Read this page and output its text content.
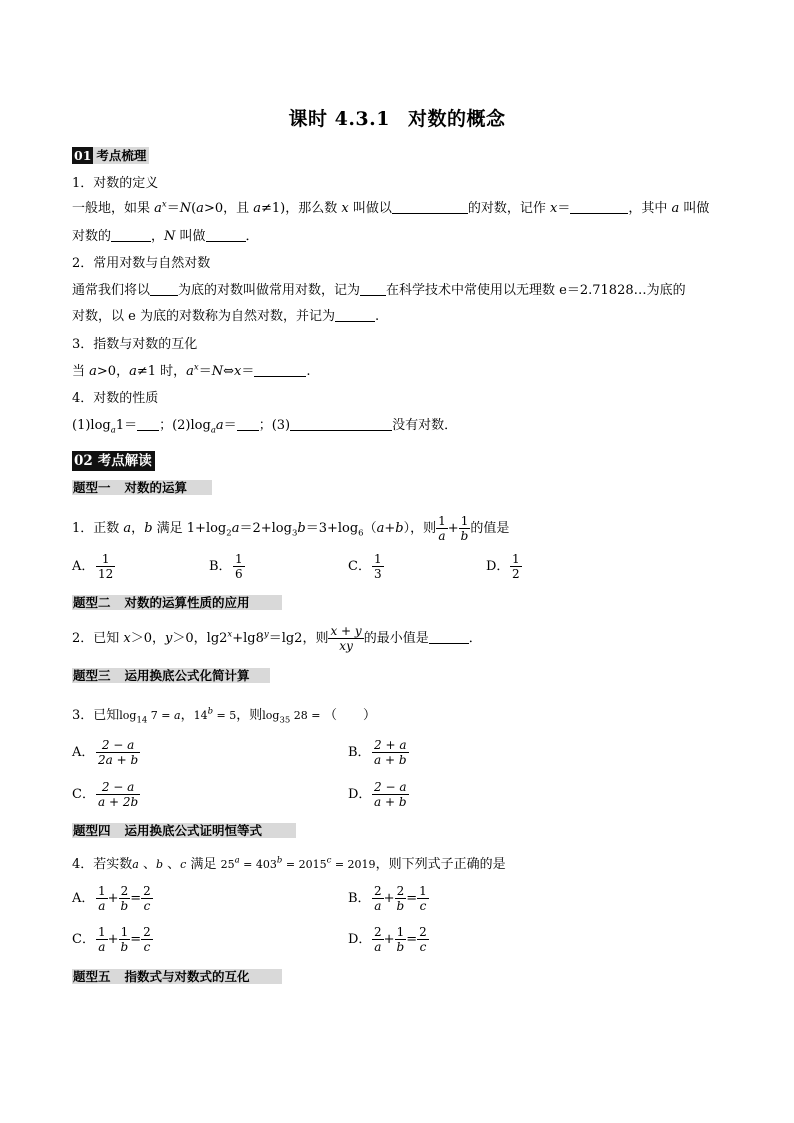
课时 4.3.1 对数的概念
01 考点梳理
1．对数的定义
一般地，如果 $a^x=N(a>0$，且 a≠1)，那么数 x 叫做以	的对数，记作 x＝	，其中 a 叫做
对数的	，N 叫做	．
2．常用对数与自然对数
通常我们将以 为底的对数叫做常用对数，记为 在科学技术中常使用以无理数 e＝2.71828…为底的
对数，以 e 为底的对数称为自然对数，并记为	.
3．指数与对数的互化
当 a>0，a≠1 时，$a^x=N\Leftrightarrow x=$	.
4．对数的性质
$(1)\log_a1=$ ；$(2)\log_aa=$ ；(3)	没有对数．
02 考点解读
题型一 对数的运算
1．正数 a，b 满足 $1+\log_2a=2+\log_3b=3+\log_6(a+b)$，则 $\frac{1}{a} + \frac{1}{b}$ 的值是
A． $\frac{1}{12}$	B． $\frac{1}{6}$	C． $\frac{1}{3}$	D． $\frac{1}{2}$
题型二 对数的运算性质的应用
2．已知 x＞0，y＞0，$\lg 2^x+\lg 8^y=\lg 2$，则 $\frac{x + y}{xy}$ 的最小值是	．
题型三 运用换底公式化简计算
3．已知$\log_{14} 7 = a$，$14^b = 5$，则$\log_{35} 28$ = （　　）
A． $\frac{2 - a}{2a + b}$	B． $\frac{2 + a}{a + b}$
C． $\frac{2 - a}{a + 2b}$	D． $\frac{2 - a}{a + b}$
题型四 运用换底公式证明恒等式
4．若实数a 、b 、c 满足 $25^a = 403^b = 2015^c = 2019$，则下列式子正确的是
A． $\frac{1}{a} + \frac{2}{b} = \frac{2}{c}$	B． $\frac{2}{a} + \frac{2}{b} = \frac{1}{c}$
C． $\frac{1}{a} + \frac{1}{b} = \frac{2}{c}$	D． $\frac{2}{a} + \frac{1}{b} = \frac{2}{c}$
题型五 指数式与对数式的互化
